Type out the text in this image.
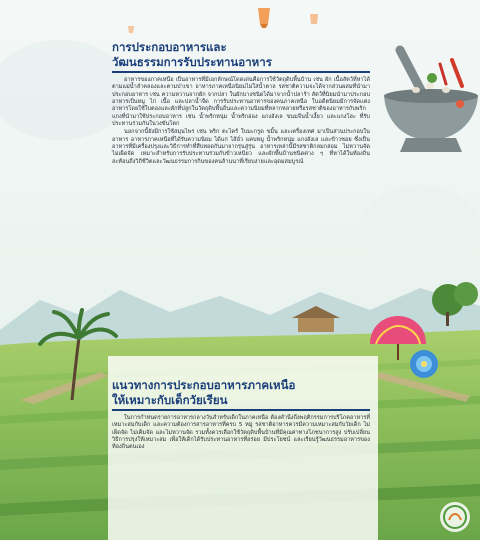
การประกอบอาหารและ
วัฒนธรรมการรับประทานอาหาร

อาหารของภาคเหนือ เป็นอาหารที่มีเอกลักษณ์โดดเด่นคือการใช้วัตถุดิบพื้นบ้าน เช่น ผัก เนื้อสัตว์ที่หาได้ตามแม่น้ำลำคลองและตามป่าเขา อาหารภาคเหนือนิยมไม่ใส่น้ำตาล รสชาติความจะได้จากส่วนผสมที่นำมาประกอบอาหาร เช่น ความหวานจากผัก จากปลา ในผักบางชนิดได้มาจากน้ำปลาร้า สัตว์ที่นิยมนำมาประกอบอาหารเป็นหมู ไก่ เนื้อ และปลาน้ำจืด การรับประทานอาหารของคนภาคเหนือ ในอดีตนิยมมีการจัดแต่งอาหารโดยใช้ใบตองและผักที่ปลูกในวัตถุดิบพื้นถิ่นและความนิยมที่หลากหลายหรือรสชาติของอาหารกับพริกแกงที่นำมาใช้ประกอบอาหาร เช่น น้ำพริกหนุ่ม น้ำพริกอ่อง แกงฮังเล ขนมจีนน้ำเงี้ยว และแกงโฮะ ที่รับประทานร่วมกันในวงขันโตก

นอกจากนี้ยังมีการใช้สมุนไพร เช่น พริก ตะไคร้ ใบมะกรูด ขมิ้น และเครื่องเทศ มาเป็นส่วนประกอบในอาหาร อาหารภาคเหนือที่ได้รับความนิยม ได้แก่ ไส้อั่ว แคบหมู น้ำพริกหนุ่ม แกงฮังเล และข้าวซอย ซึ่งเป็นอาหารที่มีเครื่องปรุงและวิธีการทำที่สืบทอดกันมาจากรุ่นสู่รุ่น อาหารเหล่านี้มีรสชาติกลมกล่อม ไม่หวานจัด ไม่เผ็ดจัด เหมาะสำหรับการรับประทานร่วมกับข้าวเหนียว และผักพื้นบ้านชนิดต่าง ๆ ที่หาได้ในท้องถิ่น สะท้อนถึงวิถีชีวิตและวัฒนธรรมการกินของคนล้านนาที่เรียบง่ายและอุดมสมบูรณ์

แนวทางการประกอบอาหารภาคเหนือ
ให้เหมาะกับเด็กวัยเรียน

ในการกำหนดรายการอาหารกลางวันสำหรับเด็กในภาคเหนือ ต้องคำนึงถึงพฤติกรรมการบริโภคอาหารที่เหมาะสมกับเด็ก และความต้องการสารอาหารที่ครบ 5 หมู่ รสชาติอาหารควรมีความเหมาะสมกับวัยเด็ก ไม่เผ็ดจัด ไม่เค็มจัด และไม่หวานจัด รวมทั้งควรเลือกใช้วัตถุดิบพื้นบ้านที่มีคุณค่าทางโภชนาการสูง ปรับเปลี่ยนวิธีการปรุงให้เหมาะสม เพื่อให้เด็กได้รับประทานอาหารที่อร่อย มีประโยชน์ และเรียนรู้วัฒนธรรมอาหารของท้องถิ่นตนเอง
